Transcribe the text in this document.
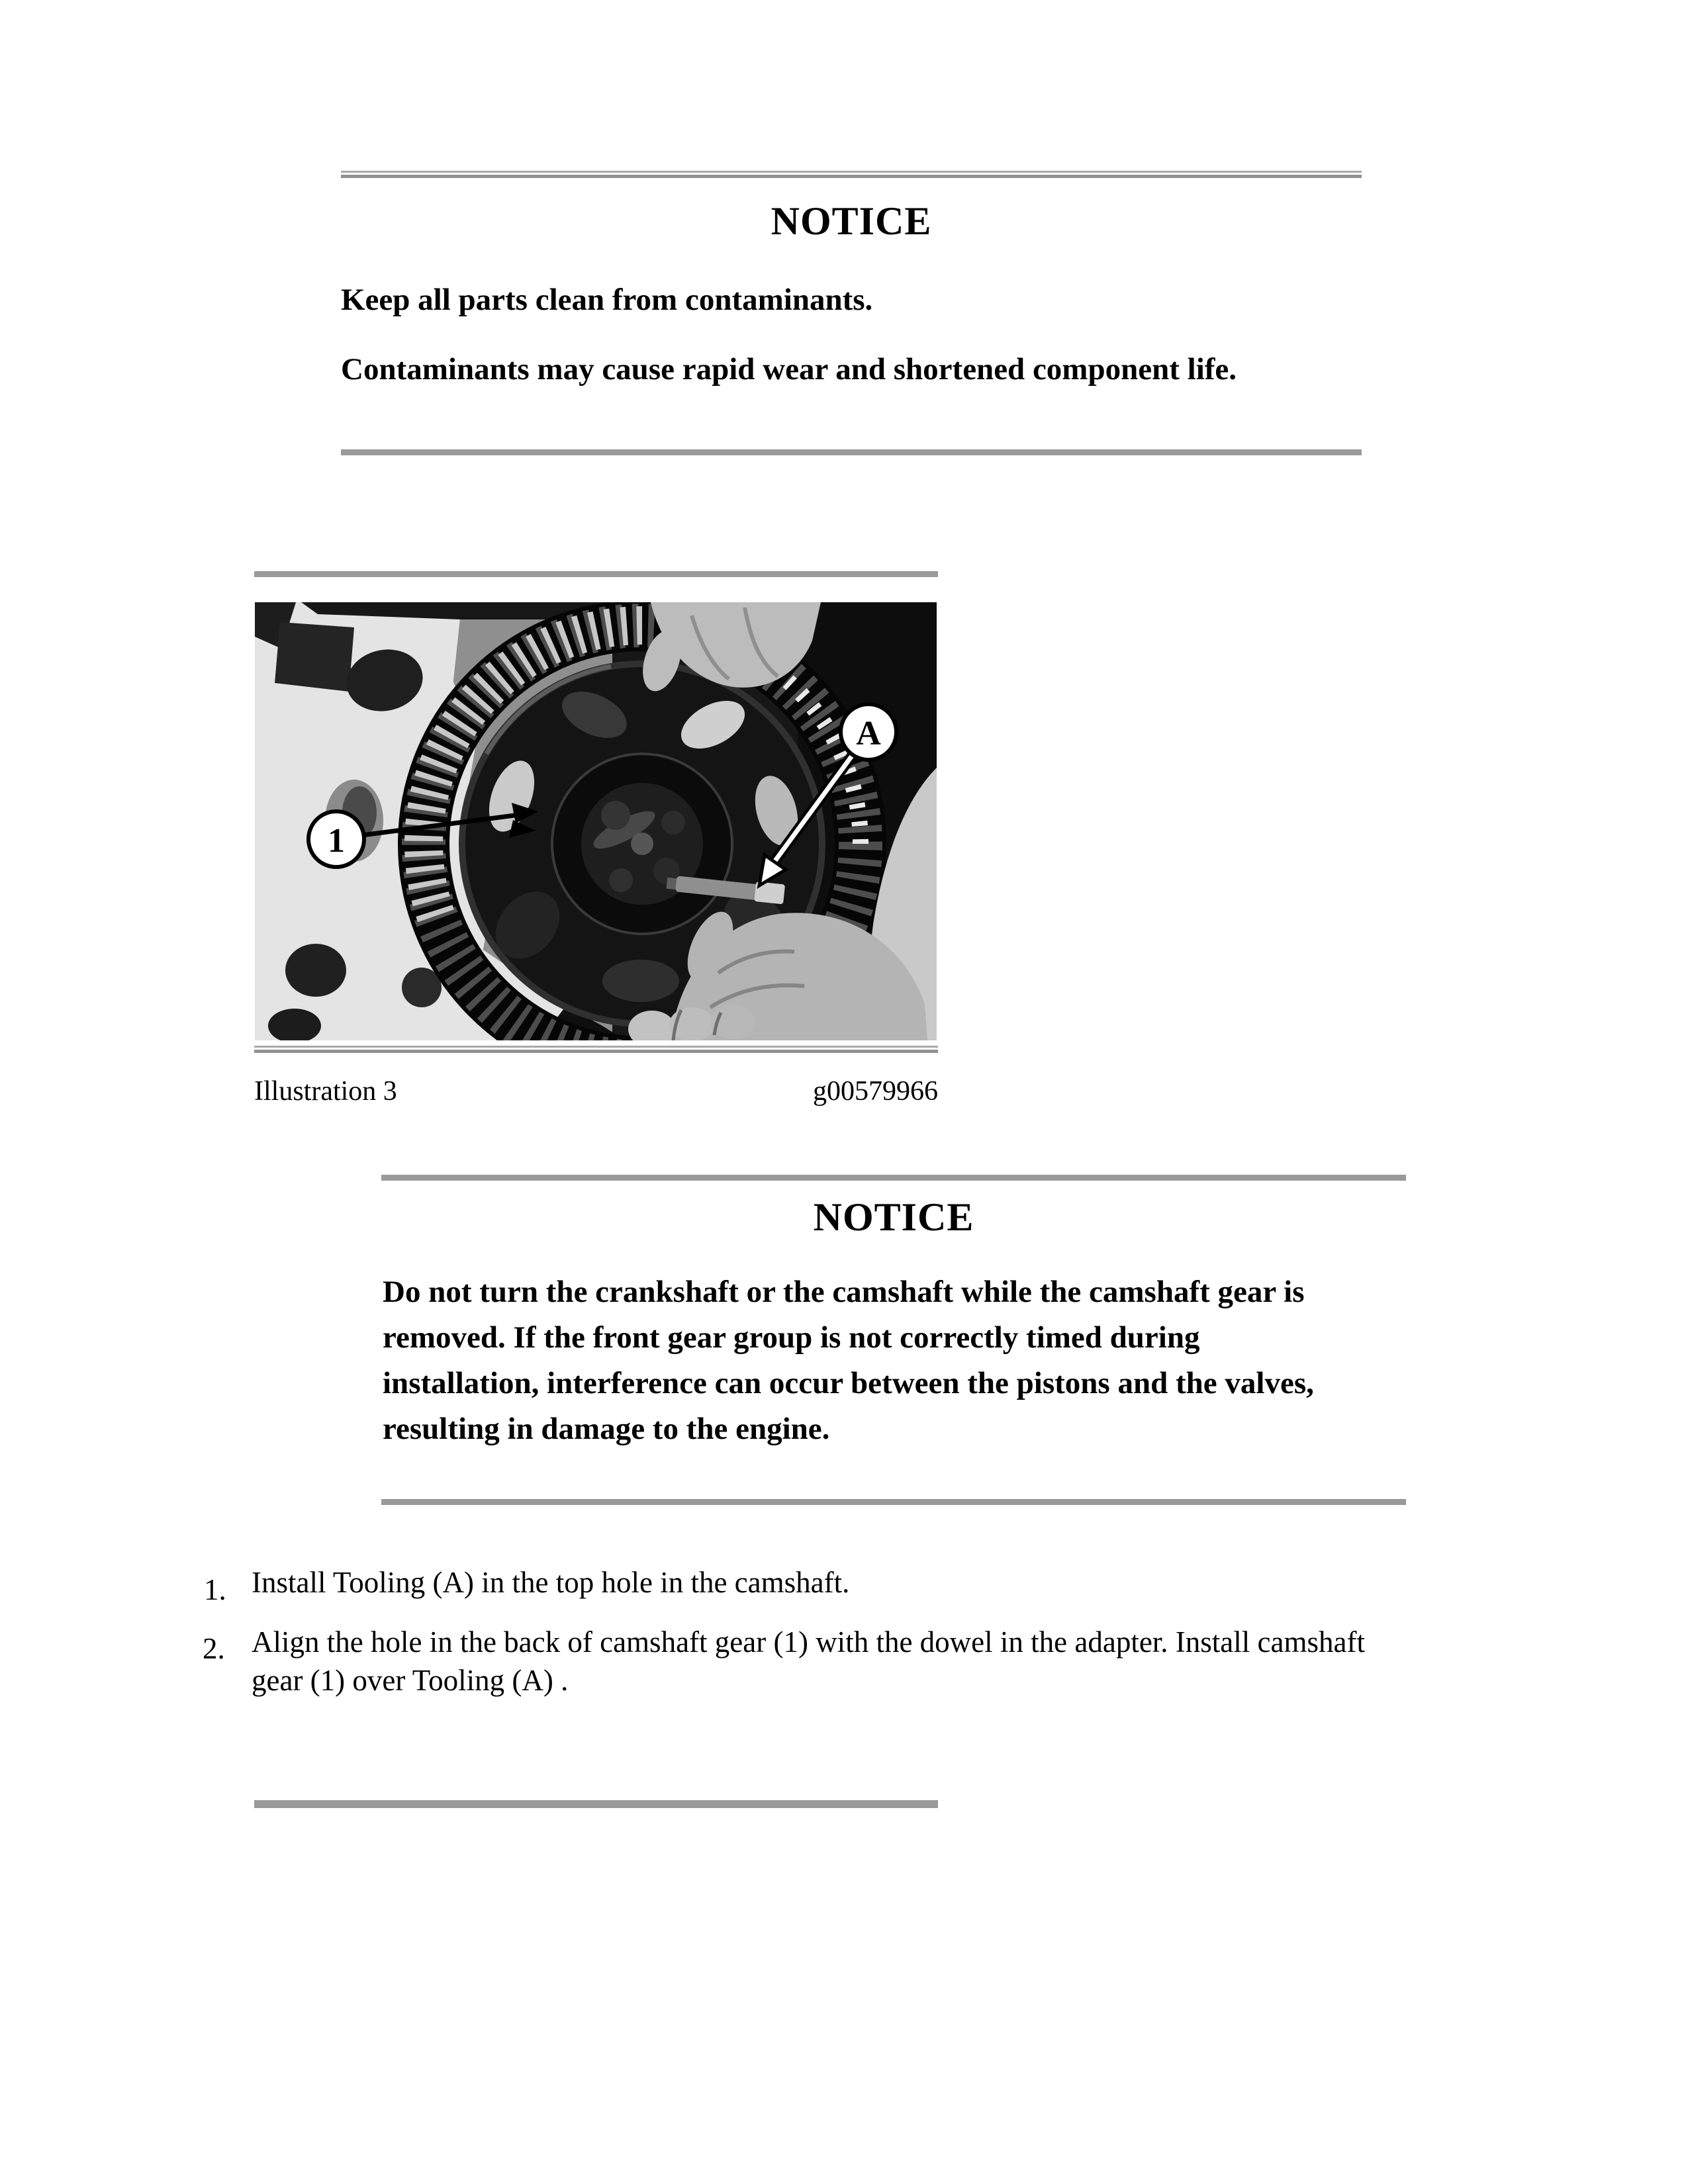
NOTICE
Keep all parts clean from contaminants.
Contaminants may cause rapid wear and shortened component life.
1
A
Illustration 3	g00579966
NOTICE
Do not turn the crankshaft or the camshaft while the camshaft gear is
removed. If the front gear group is not correctly timed during
installation, interference can occur between the pistons and the valves,
resulting in damage to the engine.
1. Install Tooling (A) in the top hole in the camshaft.
2. Align the hole in the back of camshaft gear (1) with the dowel in the adapter. Install camshaft
gear (1) over Tooling (A) .
